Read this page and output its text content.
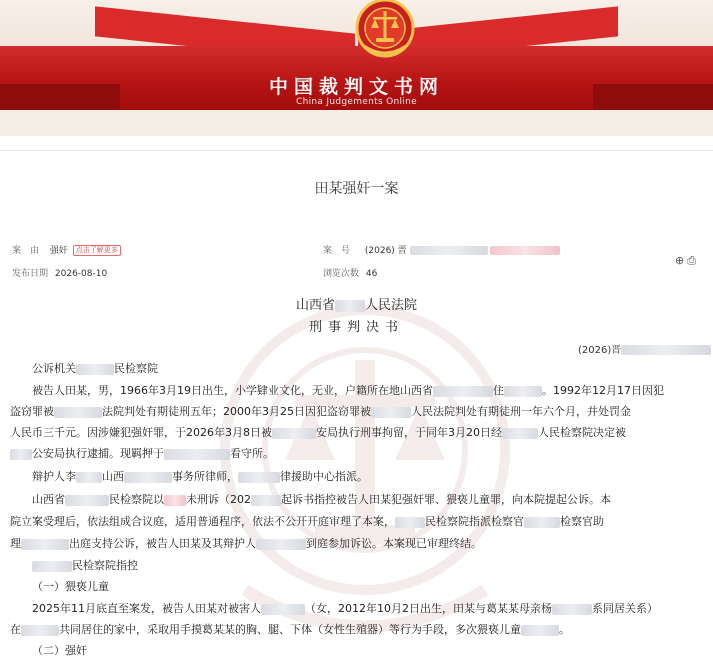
中国裁判文书网
China Judgements Online
田某强奸一案
案　由 强奸 点击了解更多	案　号 (2026) 晋
发布日期 2026-08-10	浏览次数 46
⊕⎙
山西省 人民法院
刑事判决书
(2026)晋
公诉机关	民检察院
被告人田某，男，1966年3月19日出生，小学肄业文化，无业，户籍所在地山西省	住	。1992年12月17日因犯
盗窃罪被	法院判处有期徒刑五年；2000年3月25日因犯盗窃罪被	人民法院判处有期徒刑一年六个月，并处罚金
人民币三千元。因涉嫌犯强奸罪，于2026年3月8日被	安局执行刑事拘留，于同年3月20日经	人民检察院决定被
公安局执行逮捕。现羁押于	看守所。
辩护人李 山西	事务所律师，	律援助中心指派。
山西省	民检察院以 未刑诉（202	起诉书指控被告人田某犯强奸罪、猥亵儿童罪，向本院提起公诉。本
院立案受理后，依法组成合议庭，适用普通程序，依法不公开开庭审理了本案，	民检察院指派检察官	检察官助
理	出庭支持公诉，被告人田某及其辩护人	到庭参加诉讼。本案现已审理终结。
民检察院指控
（一）猥亵儿童
2025年11月底直至案发，被告人田某对被害人	（女，2012年10月2日出生，田某与葛某某母亲杨	系同居关系）
在	共同居住的家中，采取用手摸葛某某的胸、腿、下体（女性生殖器）等行为手段，多次猥亵儿童	。
（二）强奸
